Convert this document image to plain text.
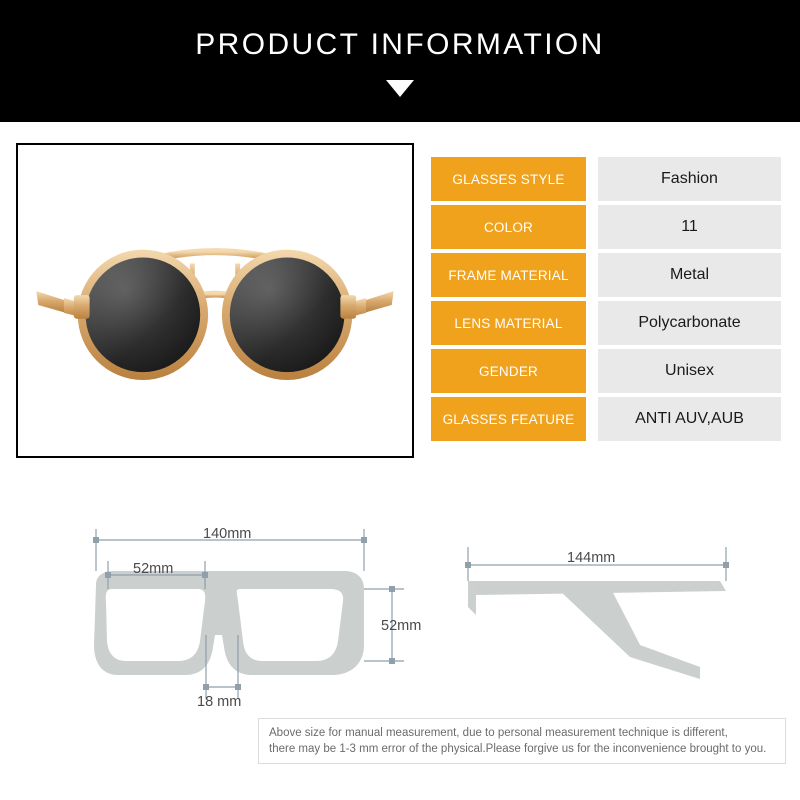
PRODUCT INFORMATION
GLASSES STYLE	Fashion
COLOR	11
FRAME MATERIAL	Metal
LENS MATERIAL	Polycarbonate
GENDER	Unisex
GLASSES FEATURE	ANTI AUV,AUB
140mm
52mm
52mm
18 mm
144mm
Above size for manual measurement, due to personal measurement technique is different,
there may be 1-3 mm error of the physical.Please forgive us for the inconvenience brought to you.
